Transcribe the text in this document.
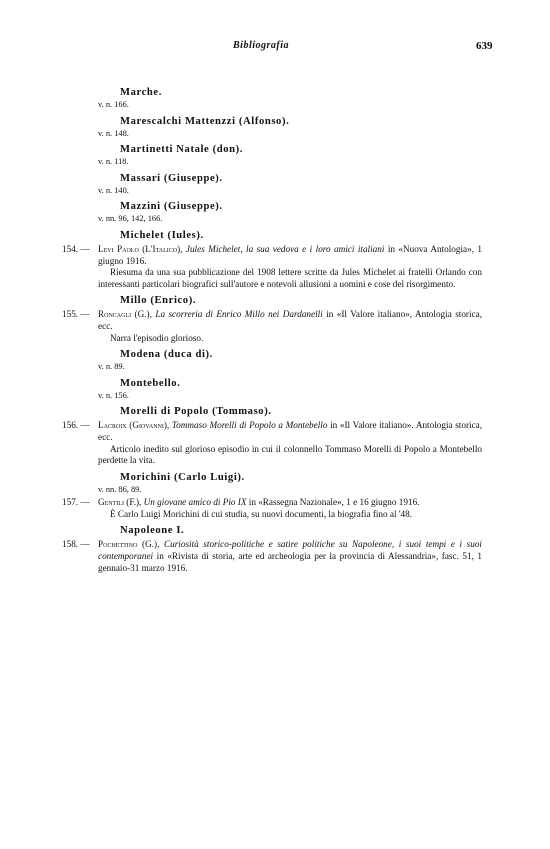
Bibliografia	639
Marche.
v. n. 166.
Marescalchi Mattenzzi (Alfonso).
v. n. 148.
Martinetti Natale (don).
v. n. 118.
Massari (Giuseppe).
v. n. 140.
Mazzini (Giuseppe).
v. nn. 96, 142, 166.
Michelet (Iules).
154. — Levi Paolo (L'Italico), Jules Michelet, la sua vedova e i loro amici italiani in «Nuova Antologia», 1 giugno 1916.
Riesuma da una sua pubblicazione del 1908 lettere scritte da Jules Michelet ai fratelli Orlando con interessanti particolari biografici sull'autore e notevoli allusioni a uomini e cose del risorgimento.
Millo (Enrico).
155. — Roncagli (G.), La scorreria di Enrico Millo nei Dardanelli in «Il Valore italiano», Antologia storica, ecc.
Narra l'episodio glorioso.
Modena (duca di).
v. n. 89.
Montebello.
v. n. 156.
Morelli di Popolo (Tommaso).
156. — Lacroix (Giovanni), Tommaso Morelli di Popolo a Montebello in «Il Valore italiano». Antologia storica, ecc.
Articolo inedito sul glorioso episodio in cui il colonnello Tommaso Morelli di Popolo a Montebello perdette la vita.
Morichini (Carlo Luigi).
v. nn. 86, 89.
157. — Gentili (F.), Un giovane amico di Pio IX in «Rassegna Nazionale», 1 e 16 giugno 1916.
È Carlo Luigi Morichini di cui studia, su nuovi documenti, la biografia fino al '48.
Napoleone I.
158. — Pochettino (G.), Curiosità storico-politiche e satire politiche su Napoleone, i suoi tempi e i suoi contemporanei in «Rivista di storia, arte ed archeologia per la provincia di Alessandria», fasc. 51, 1 gennaio-31 marzo 1916.
